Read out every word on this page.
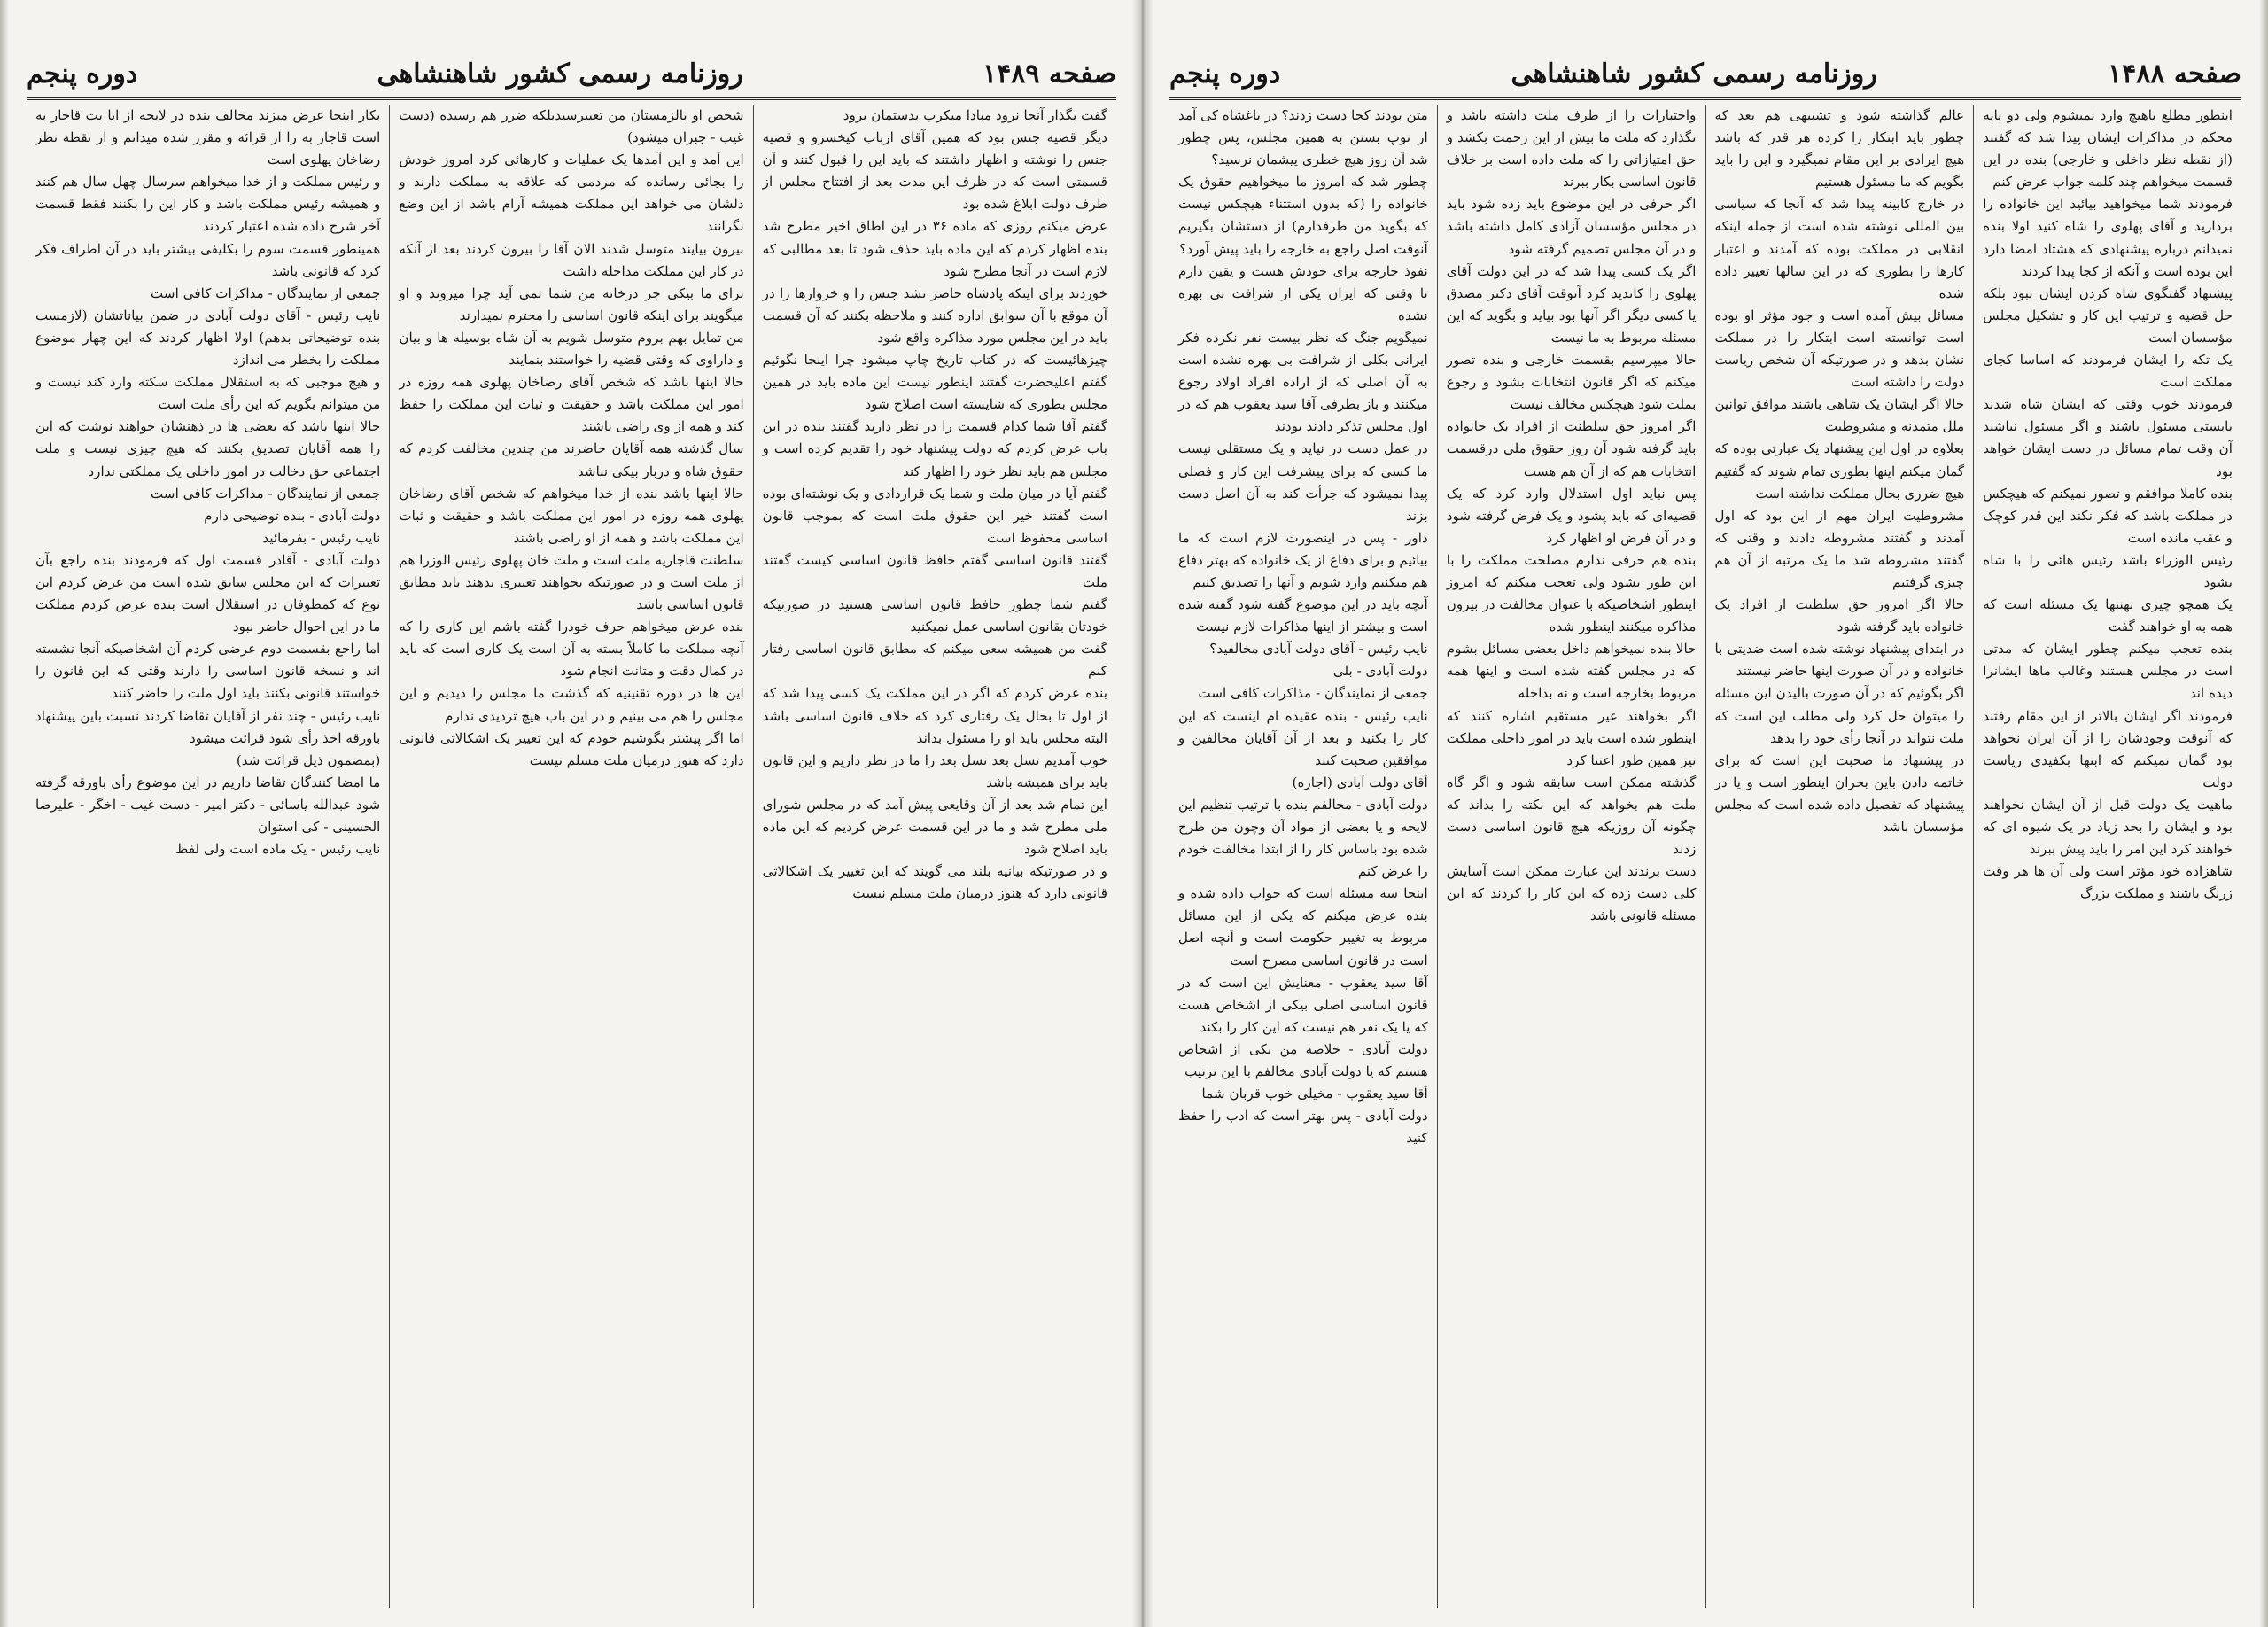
صفحه ۱۴۸۹
روزنامه رسمی کشور شاهنشاهی
دوره پنجم
گفت بگذار آنجا نرود مبادا میکرب بدستمان برود
دیگر قضیه جنس بود که همین آقای ارباب کیخسرو و قضیه جنس را نوشته و اظهار داشتند که باید این را قبول کنند و آن قسمتی است که در ظرف این مدت بعد از افتتاح مجلس از طرف دولت ابلاغ شده بود
عرض میکنم روزی که ماده ۳۶ در این اطاق اخیر مطرح شد بنده اظهار کردم که این ماده باید حذف شود تا بعد مطالبی که لازم است در آنجا مطرح شود
خوردند برای اینکه پادشاه حاضر نشد جنس را و خروارها را در آن موقع با آن سوابق اداره کنند و ملاحظه بکنند که آن قسمت باید در این مجلس مورد مذاکره واقع شود
چیزهائیست که در کتاب تاریخ چاپ میشود چرا اینجا نگوئیم گفتم اعلیحضرت گفتند اینطور نیست این ماده باید در همین مجلس بطوری که شایسته است اصلاح شود
گفتم آقا شما کدام قسمت را در نظر دارید گفتند بنده در این باب عرض کردم که دولت پیشنهاد خود را تقدیم کرده است و مجلس هم باید نظر خود را اظهار کند
گفتم آیا در میان ملت و شما یک قراردادی و یک نوشته‌ای بوده است گفتند خیر این حقوق ملت است که بموجب قانون اساسی محفوظ است
گفتند قانون اساسی گفتم حافظ قانون اساسی کیست گفتند ملت
گفتم شما چطور حافظ قانون اساسی هستید در صورتیکه خودتان بقانون اساسی عمل نمیکنید
گفت من همیشه سعی میکنم که مطابق قانون اساسی رفتار کنم
بنده عرض کردم که اگر در این مملکت یک کسی پیدا شد که از اول تا بحال یک رفتاری کرد که خلاف قانون اساسی باشد البته مجلس باید او را مسئول بداند
خوب آمدیم نسل بعد نسل بعد را ما در نظر داریم و این قانون باید برای همیشه باشد
این تمام شد بعد از آن وقایعی پیش آمد که در مجلس شورای ملی مطرح شد و ما در این قسمت عرض کردیم که این ماده باید اصلاح شود
و در صورتیکه بیانیه بلند می گویند که این تغییر یک اشکالاتی قانونی دارد که هنوز درمیان ملت مسلم نیست
شخص او بالزمستان من تغییرسیدبلکه ضرر هم رسیده (دست غیب - جبران میشود)
این آمد و این آمدها یک عملیات و کارهائی کرد امروز خودش را بجائی رسانده که مردمی که علاقه به مملکت دارند و دلشان می خواهد این مملکت همیشه آرام باشد از این وضع نگرانند
بیرون بیایند متوسل شدند الان آقا را بیرون کردند بعد از آنکه در کار این مملکت مداخله داشت
برای ما بیکی جز درخانه من شما نمی آید چرا میروند و او میگویند برای اینکه قانون اساسی را محترم نمیدارند
من تمایل بهم بروم متوسل شویم به آن شاه بوسیله ها و بیان و داراوی که وقتی قضیه را خواستند بنمایند
حالا اینها باشد که شخص آقای رضاخان پهلوی همه روزه در امور این مملکت باشد و حقیقت و ثبات این مملکت را حفظ کند و همه از وی راضی باشند
سال گذشته همه آقایان حاضرند من چندین مخالفت کردم که حقوق شاه و دربار بیکی نباشد
حالا اینها باشد بنده از خدا میخواهم که شخص آقای رضاخان پهلوی همه روزه در امور این مملکت باشد و حقیقت و ثبات این مملکت باشد و همه از او راضی باشند
سلطنت قاجاریه ملت است و ملت خان پهلوی رئیس الوزرا هم از ملت است و در صورتیکه بخواهند تغییری بدهند باید مطابق قانون اساسی باشد
بنده عرض میخواهم حرف خودرا گفته باشم این کاری را که آنچه مملکت ما کاملاً بسته به آن است یک کاری است که باید در کمال دقت و متانت انجام شود
این ها در دوره تقنینیه که گذشت ما مجلس را دیدیم و این مجلس را هم می بینیم و در این باب هیچ تردیدی ندارم
اما اگر پیشتر بگوشیم خودم که این تغییر یک اشکالاتی قانونی دارد که هنوز درمیان ملت مسلم نیست
بکار اینجا عرض میزند مخالف بنده در لایحه از ایا بت قاجار یه است قاجار به را از قرائه و مقرر شده میدانم و از نقطه نظر رضاخان پهلوی است
و رئیس مملکت و از خدا میخواهم سرسال چهل سال هم کنند و همیشه رئیس مملکت باشد و کار این را بکنند فقط قسمت آخر شرح داده شده اعتبار کردند
همینطور قسمت سوم را بکلیفی بیشتر باید در آن اطراف فکر کرد که قانونی باشد
جمعی از نمایندگان - مذاکرات کافی است
نایب رئیس - آقای دولت آبادی در ضمن بیاناتشان (لازمست بنده توضیحاتی بدهم) اولا اظهار کردند که این چهار موضوع مملکت را بخطر می اندازد
و هیچ موجبی که به استقلال مملکت سکته وارد کند نیست و من میتوانم بگویم که این رأی ملت است
حالا اینها باشد که بعضی ها در ذهنشان خواهند نوشت که این را همه آقایان تصدیق بکنند که هیچ چیزی نیست و ملت اجتماعی حق دخالت در امور داخلی یک مملکتی ندارد
جمعی از نمایندگان - مذاکرات کافی است
دولت آبادی - بنده توضیحی دارم
نایب رئیس - بفرمائید
دولت آبادی - آقادر قسمت اول که فرمودند بنده راجع بآن تغییرات که این مجلس سابق شده است من عرض کردم این نوع که کمطوفان در استقلال است بنده عرض کردم مملکت ما در این احوال حاضر نبود
اما راجع بقسمت دوم عرضی کردم آن اشخاصیکه آنجا نشسته اند و نسخه قانون اساسی را دارند وقتی که این قانون را خواستند قانونی بکنند باید اول ملت را حاضر کنند
نایب رئیس - چند نفر از آقایان تقاضا کردند نسبت باین پیشنهاد باورقه اخذ رأی شود قرائت میشود
(بمضمون ذیل قرائت شد)
ما امضا کنندگان تقاضا داریم در این موضوع رأی باورقه گرفته شود عبدالله یاسائی - دکتر امیر - دست غیب - اخگر - علیرضا الحسینی - کی استوان
نایب رئیس - یک ماده است ولی لفظ
صفحه ۱۴۸۸
روزنامه رسمی کشور شاهنشاهی
دوره پنجم
اینطور مطلع باهیچ وارد نمیشوم ولی دو پایه محکم در مذاکرات ایشان پیدا شد که گفتند (از نقطه نظر داخلی و خارجی) بنده در این قسمت میخواهم چند کلمه جواب عرض کنم
فرمودند شما میخواهید بیائید این خانواده را بردارید و آقای پهلوی را شاه کنید اولا بنده نمیدانم درباره پیشنهادی که هشتاد امضا دارد این بوده است و آنکه از کجا پیدا کردند
پیشنهاد گفتگوی شاه کردن ایشان نبود بلکه حل قضیه و ترتیب این کار و تشکیل مجلس مؤسسان است
یک تکه را ایشان فرمودند که اساسا کجای مملکت است
فرمودند خوب وقتی که ایشان شاه شدند بایستی مسئول باشند و اگر مسئول نباشند آن وقت تمام مسائل در دست ایشان خواهد بود
بنده کاملا موافقم و تصور نمیکنم که هیچکس در مملکت باشد که فکر نکند این قدر کوچک و عقب مانده است
رئیس الوزراء باشد رئیس هائی را با شاه بشود
یک همچو چیزی نهتنها یک مسئله است که همه به او خواهند گفت
بنده تعجب میکنم چطور ایشان که مدتی است در مجلس هستند وغالب ماها ایشانرا دیده اند
فرمودند اگر ایشان بالاتر از این مقام رفتند که آنوقت وجودشان را از آن ایران نخواهد بود گمان نمیکنم که ابنها بکفیدی ریاست دولت
ماهیت یک دولت قبل از آن ایشان نخواهند بود و ایشان را بحد زیاد در یک شیوه ای که خواهند کرد این امر را باید پیش ببرند
شاهزاده خود مؤثر است ولی آن ها هر وقت زرنگ باشند و مملکت بزرگ
عالم گذاشته شود و تشبیهی هم بعد که چطور باید ابتکار را کرده هر قدر که باشد هیچ ایرادی بر این مقام نمیگیرد و این را باید بگویم که ما مسئول هستیم
در خارج کابینه پیدا شد که آنجا که سیاسی بین المللی نوشته شده است از جمله اینکه انقلابی در مملکت بوده که آمدند و اعتبار کارها را بطوری که در این سالها تغییر داده شده
مسائل بیش آمده است و جود مؤثر او بوده است توانسته است ابتکار را در مملکت نشان بدهد و در صورتیکه آن شخص ریاست دولت را داشته است
حالا اگر ایشان یک شاهی باشند موافق توانین ملل متمدنه و مشروطیت
بعلاوه در اول این پیشنهاد یک عبارتی بوده که گمان میکنم اینها بطوری تمام شوند که گفتیم هیچ ضرری بحال مملکت نداشته است
مشروطیت ایران مهم از این بود که اول آمدند و گفتند مشروطه دادند و وقتی که گفتند مشروطه شد ما یک مرتبه از آن هم چیزی گرفتیم
حالا اگر امروز حق سلطنت از افراد یک خانواده باید گرفته شود
در ابتدای پیشنهاد نوشته شده است ضدیتی با خانواده و در آن صورت اینها حاضر نیستند
اگر بگوئیم که در آن صورت بالیدن این مسئله را میتوان حل کرد ولی مطلب این است که ملت نتواند در آنجا رأی خود را بدهد
در پیشنهاد ما صحبت این است که برای خاتمه دادن باین بحران اینطور است و یا در پیشنهاد که تفصیل داده شده است که مجلس مؤسسان باشد
واختیارات را از طرف ملت داشته باشد و نگذارد که ملت ما بیش از این زحمت بکشد و حق امتیازاتی را که ملت داده است بر خلاف قانون اساسی بکار ببرند
اگر حرفی در این موضوع باید زده شود باید در مجلس مؤسسان آزادی کامل داشته باشد و در آن مجلس تصمیم گرفته شود
اگر یک کسی پیدا شد که در این دولت آقای پهلوی را کاندید کرد آنوقت آقای دکتر مصدق یا کسی دیگر اگر آنها بود بیاید و بگوید که این مسئله مربوط به ما نیست
حالا میپرسیم بقسمت خارجی و بنده تصور میکنم که اگر قانون انتخابات بشود و رجوع بملت شود هیچکس مخالف نیست
اگر امروز حق سلطنت از افراد یک خانواده باید گرفته شود آن روز حقوق ملی درقسمت انتخابات هم که از آن هم هست
پس نباید اول استدلال وارد کرد که یک قضیه‌ای که باید پشود و یک فرض گرفته شود و در آن فرض او اظهار کرد
بنده هم حرفی ندارم مصلحت مملکت را با این طور بشود ولی تعجب میکنم که امروز اینطور اشخاصیکه با عنوان مخالفت در بیرون مذاکره میکنند اینطور شده
حالا بنده نمیخواهم داخل بعضی مسائل بشوم که در مجلس گفته شده است و اینها همه مربوط بخارجه است و نه بداخله
اگر بخواهند غیر مستقیم اشاره کنند که اینطور شده است باید در امور داخلی مملکت نیز همین طور اعتنا کرد
گذشته ممکن است سابقه شود و اگر گاه ملت هم بخواهد که این نکته را بداند که چگونه آن روزیکه هیچ قانون اساسی دست زدند
دست برندند این عبارت ممکن است آسایش کلی دست زده که این کار را کردند که این مسئله قانونی باشد
متن بودند کجا دست زدند؟ در باغشاه کی آمد از توپ بستن به همین مجلس، پس چطور شد آن روز هیچ خطری پیشمان نرسید؟
چطور شد که امروز ما میخواهیم حقوق یک خانواده را (که بدون استثناء هیچکس نیست که بگوید من طرفدارم) از دستشان بگیریم آنوقت اصل راجع به خارجه را باید پیش آورد؟
نفوذ خارجه برای خودش هست و یقین دارم تا وقتی که ایران یکی از شرافت بی بهره نشده
نمیگویم جنگ که نظر بیست نفر نکرده فکر ایرانی بکلی از شرافت بی بهره نشده است به آن اصلی که از اراده افراد اولاد رجوع میکنند و باز بطرفی آقا سید یعقوب هم که در اول مجلس تذکر دادند بودند
در عمل دست در نیاید و یک مستقلی نیست ما کسی که برای پیشرفت این کار و فصلی پیدا نمیشود که جرأت کند به آن اصل دست بزند
داور - پس در اینصورت لازم است که ما بیائیم و برای دفاع از یک خانواده که بهتر دفاع هم میکنیم وارد شویم و آنها را تصدیق کنیم
آنچه باید در این موضوع گفته شود گفته شده است و بیشتر از اینها مذاکرات لازم نیست
نایب رئیس - آقای دولت آبادی مخالفید؟
دولت آبادی - بلی
جمعی از نمایندگان - مذاکرات کافی است
نایب رئیس - بنده عقیده ام اینست که این کار را بکنید و بعد از آن آقایان مخالفین و موافقین صحبت کنند
آقای دولت آبادی (اجازه)
دولت آبادی - مخالفم بنده با ترتیب تنظیم این لایحه و یا بعضی از مواد آن وچون من طرح شده بود باساس کار را از ابتدا مخالفت خودم را عرض کنم
اینجا سه مسئله است که جواب داده شده و بنده عرض میکنم که یکی از این مسائل مربوط به تغییر حکومت است و آنچه اصل است در قانون اساسی مصرح است
آقا سید یعقوب - معنایش این است که در قانون اساسی اصلی بیکی از اشخاص هست که یا یک نفر هم نیست که این کار را بکند
دولت آبادی - خلاصه من یکی از اشخاص هستم که یا دولت آبادی مخالفم با این ترتیب
آقا سید یعقوب - مخیلی خوب قربان شما
دولت آبادی - پس بهتر است که ادب را حفظ کنید
